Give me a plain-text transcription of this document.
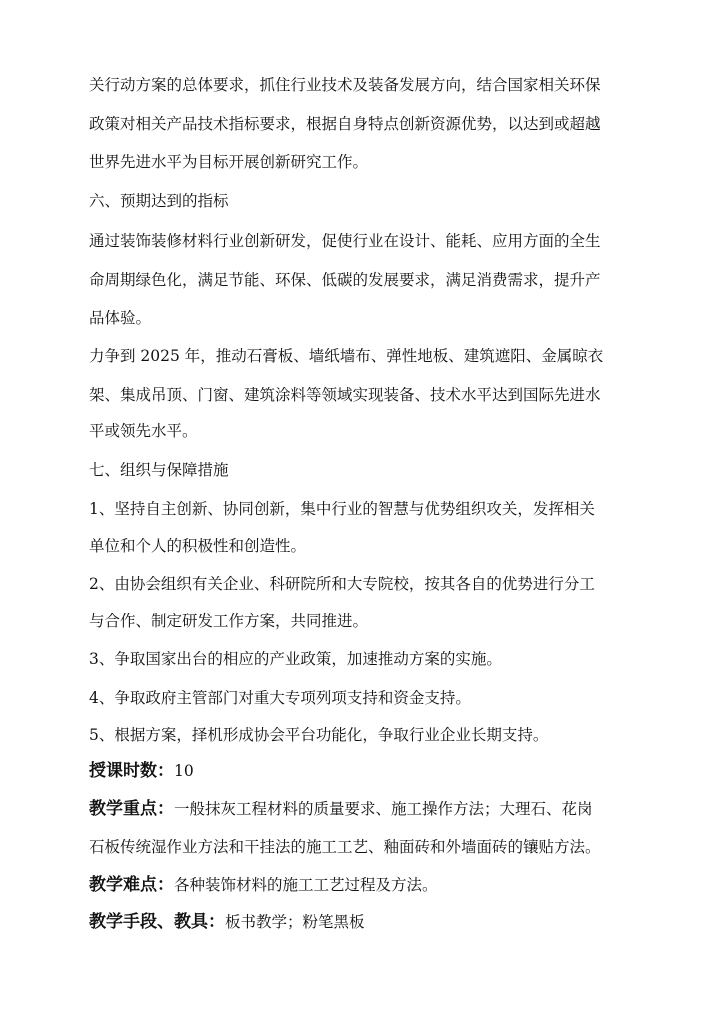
关行动方案的总体要求，抓住行业技术及装备发展方向，结合国家相关环保
政策对相关产品技术指标要求，根据自身特点创新资源优势，以达到或超越
世界先进水平为目标开展创新研究工作。
六、预期达到的指标
通过装饰装修材料行业创新研发，促使行业在设计、能耗、应用方面的全生
命周期绿色化，满足节能、环保、低碳的发展要求，满足消费需求，提升产
品体验。
力争到 2025 年，推动石膏板、墙纸墙布、弹性地板、建筑遮阳、金属晾衣
架、集成吊顶、门窗、建筑涂料等领域实现装备、技术水平达到国际先进水
平或领先水平。
七、组织与保障措施
1、坚持自主创新、协同创新，集中行业的智慧与优势组织攻关，发挥相关
单位和个人的积极性和创造性。
2、由协会组织有关企业、科研院所和大专院校，按其各自的优势进行分工
与合作、制定研发工作方案，共同推进。
3、争取国家出台的相应的产业政策，加速推动方案的实施。
4、争取政府主管部门对重大专项列项支持和资金支持。
5、根据方案，择机形成协会平台功能化，争取行业企业长期支持。
授课时数：10
教学重点：一般抹灰工程材料的质量要求、施工操作方法；大理石、花岗
石板传统湿作业方法和干挂法的施工工艺、釉面砖和外墙面砖的镶贴方法。
教学难点：各种装饰材料的施工工艺过程及方法。
教学手段、教具：板书教学；粉笔黑板
